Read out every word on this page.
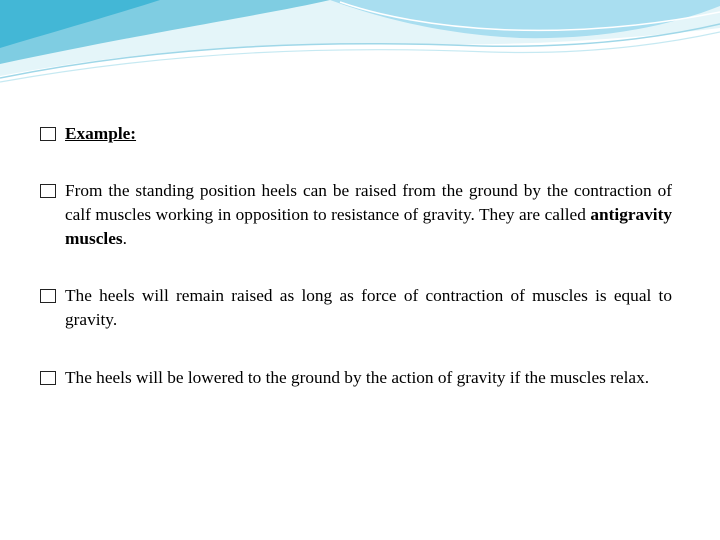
Example:
From the standing position heels can be raised from the ground by the contraction of calf muscles working in opposition to resistance of gravity. They are called antigravity muscles.
The heels will remain raised as long as force of contraction of muscles is equal to gravity.
The heels will be lowered to the ground by the action of gravity if the muscles relax.
